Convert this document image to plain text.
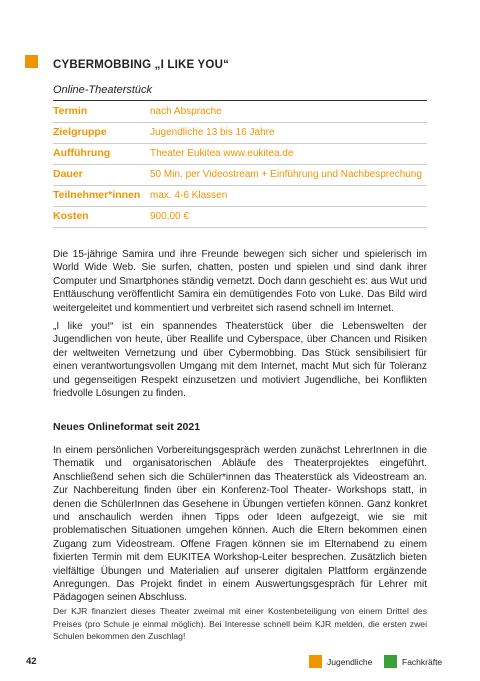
CYBERMOBBING „I LIKE YOU“
Online-Theaterstück
Termin	nach Absprache
Zielgruppe	Jugendliche 13 bis 16 Jahre
Aufführung	Theater Eukitea www.eukitea.de
Dauer	50 Min. per Videostream + Einführung und Nachbesprechung
Teilnehmer*innen max. 4-6 Klassen
Kosten	900,00 €
Die 15-jährige Samira und ihre Freunde bewegen sich sicher und spielerisch im World Wide Web. Sie surfen, chatten, posten und spielen und sind dank ihrer Computer und Smartphones ständig vernetzt. Doch dann geschieht es: aus Wut und Enttäuschung veröffentlicht Samira ein demütigendes Foto von Luke. Das Bild wird weitergeleitet und kommentiert und verbreitet sich rasend schnell im Internet.
„I like you!“ ist ein spannendes Theaterstück über die Lebenswelten der Jugendlichen von heute, über Reallife und Cyberspace, über Chancen und Risiken der weltweiten Vernetzung und über Cybermobbing. Das Stück sensibilisiert für einen verantwortungsvollen Umgang mit dem Internet, macht Mut sich für Toleranz und gegenseitigen Respekt einzusetzen und motiviert Jugendliche, bei Konflikten friedvolle Lösungen zu finden.
Neues Onlineformat seit 2021
In einem persönlichen Vorbereitungsgespräch werden zunächst LehrerInnen in die Thematik und organisatorischen Abläufe des Theaterprojektes eingeführt. Anschließend sehen sich die Schüler*innen das Theaterstück als Videostream an. Zur Nachbereitung finden über ein Konferenz-Tool Theater- Workshops statt, in denen die SchülerInnen das Gesehene in Übungen vertiefen können. Ganz konkret und anschaulich werden ihnen Tipps oder Ideen aufgezeigt, wie sie mit problematischen Situationen umgehen können. Auch die Eltern bekommen einen Zugang zum Videostream. Offene Fragen können sie im Elternabend zu einem fixierten Termin mit dem EUKITEA Workshop-Leiter besprechen. Zusätzlich bieten vielfältige Übungen und Materialien auf unserer digitalen Plattform ergänzende Anregungen. Das Projekt findet in einem Auswertungsgespräch für Lehrer mit Pädagogen seinen Abschluss.
Der KJR finanziert dieses Theater zweimal mit einer Kostenbeteiligung von einem Drittel des Preises (pro Schule je einmal möglich). Bei Interesse schnell beim KJR melden, die ersten zwei Schulen bekommen den Zuschlag!
42	Jugendliche	Fachkräfte
